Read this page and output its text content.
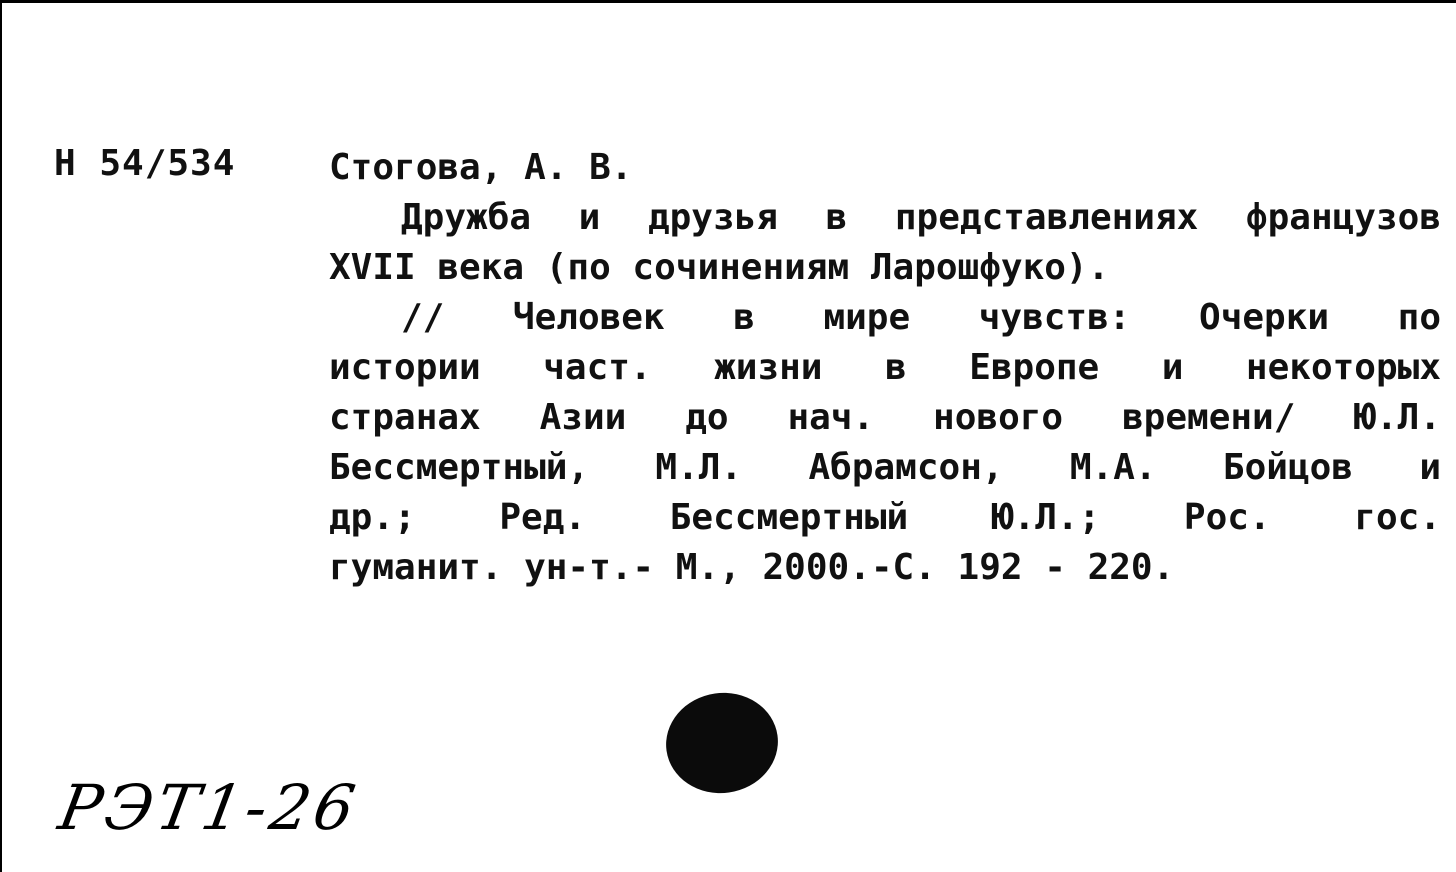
Н 54/534	Стогова, А. В.
Дружба и друзья в представлениях французов
XVII века (по сочинениям Ларошфуко).
// Человек в мире чувств: Очерки по
истории част. жизни в Европе и некоторых
странах Азии до нач. нового времени/ Ю.Л.
Бессмертный, М.Л. Абрамсон, М.А. Бойцов и
др.; Ред. Бессмертный Ю.Л.; Рос. гос.
гуманит. ун-т.- М., 2000.-С. 192 - 220.
РЭТ1-26
